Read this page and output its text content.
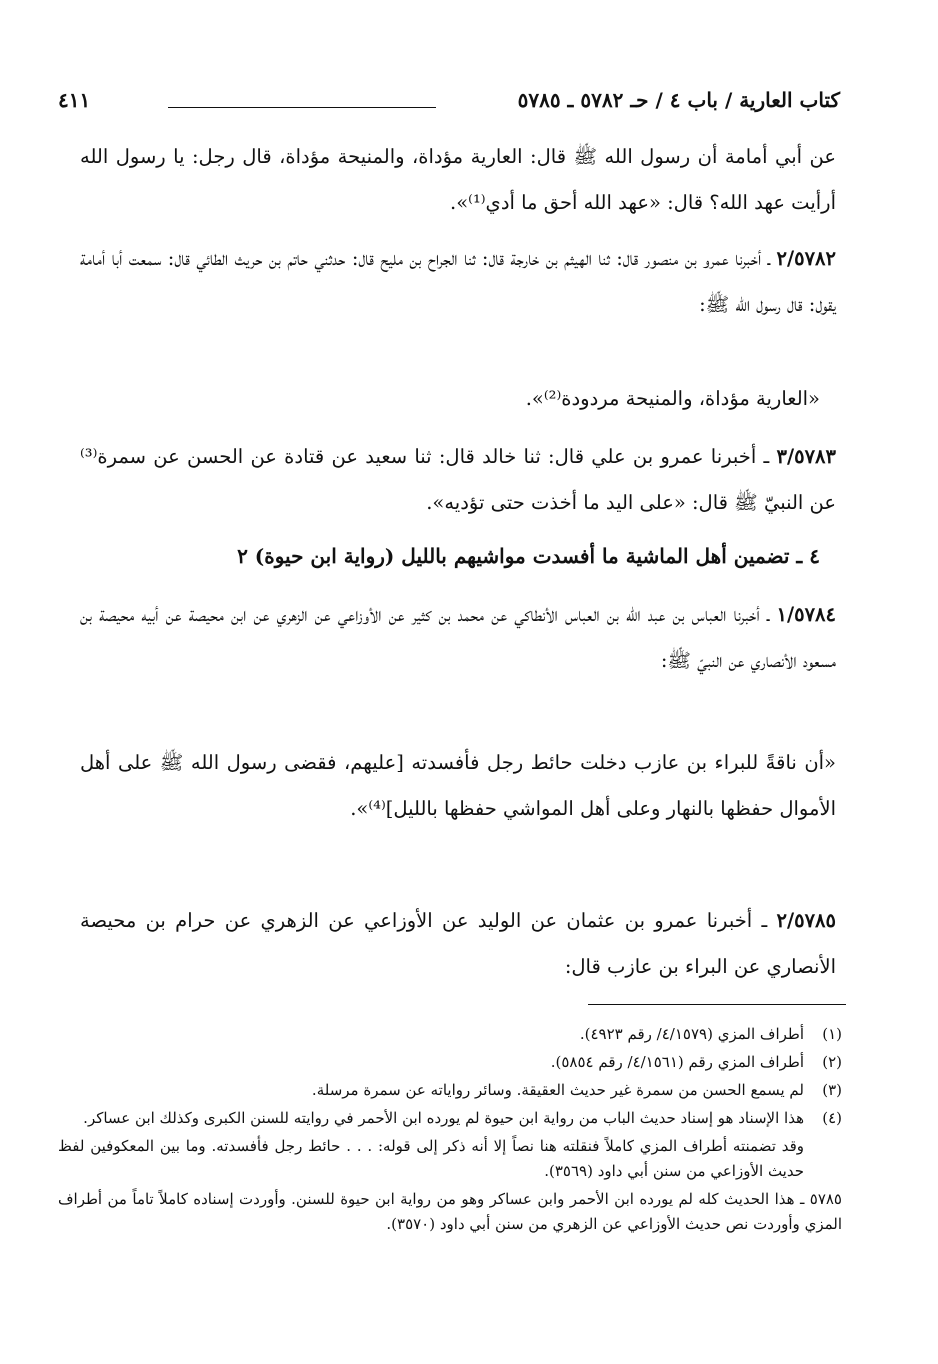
كتاب العارية / باب ٤ / حـ ٥٧٨٢ ـ ٥٧٨٥
٤١١

عن أبي أمامة أن رسول الله ﷺ قال: العارية مؤداة، والمنيحة مؤداة، قال رجل: يا رسول الله أرأيت عهد الله؟ قال: «عهد الله أحق ما أدي⁽¹⁾».

٢/٥٧٨٢ ـ أخبرنا عمرو بن منصور قال: ثنا الهيثم بن خارجة قال: ثنا الجراح بن مليح قال: حدثني حاتم بن حريث الطائي قال: سمعت أبا أمامة يقول: قال رسول الله ﷺ:

«العارية مؤداة، والمنيحة مردودة⁽²⁾».

٣/٥٧٨٣ ـ أخبرنا عمرو بن علي قال: ثنا خالد قال: ثنا سعيد عن قتادة عن الحسن عن سمرة⁽³⁾ عن النبيّ ﷺ قال: «على اليد ما أخذت حتى تؤديه».

٤ ـ تضمين أهل الماشية ما أفسدت مواشيهم بالليل (رواية ابن حيوة) ٢

١/٥٧٨٤ ـ أخبرنا العباس بن عبد الله بن العباس الأنطاكي عن محمد بن كثير عن الأوزاعي عن الزهري عن ابن محيصة عن أبيه محيصة بن مسعود الأنصاري عن النبيّ ﷺ:

«أن ناقةً للبراء بن عازب دخلت حائط رجل فأفسدته [عليهم، فقضى رسول الله ﷺ على أهل الأموال حفظها بالنهار وعلى أهل المواشي حفظها بالليل]⁽⁴⁾».

٢/٥٧٨٥ ـ أخبرنا عمرو بن عثمان عن الوليد عن الأوزاعي عن الزهري عن حرام بن محيصة الأنصاري عن البراء بن عازب قال:

(١)
أطراف المزي (٤/١٥٧٩/ رقم ٤٩٢٣).

(٢)
أطراف المزي رقم (٤/١٥٦١/ رقم ٥٨٥٤).

(٣)
لم يسمع الحسن من سمرة غير حديث العقيقة. وسائر رواياته عن سمرة مرسلة.

(٤)
هذا الإسناد هو إسناد حديث الباب من رواية ابن حيوة لم يورده ابن الأحمر في روايته للسنن الكبرى وكذلك ابن عساكر.

وقد تضمنته أطراف المزي كاملاً فنقلته هنا نصاً إلا أنه ذكر إلى قوله: . . . حائط رجل فأفسدته. وما بين المعكوفين لفظ حديث الأوزاعي من سنن أبي داود (٣٥٦٩).

٥٧٨٥ ـ هذا الحديث كله لم يورده ابن الأحمر وابن عساكر وهو من رواية ابن حيوة للسنن. وأوردت إسناده كاملاً تاماً من أطراف المزي وأوردت نص حديث الأوزاعي عن الزهري من سنن أبي داود (٣٥٧٠).
